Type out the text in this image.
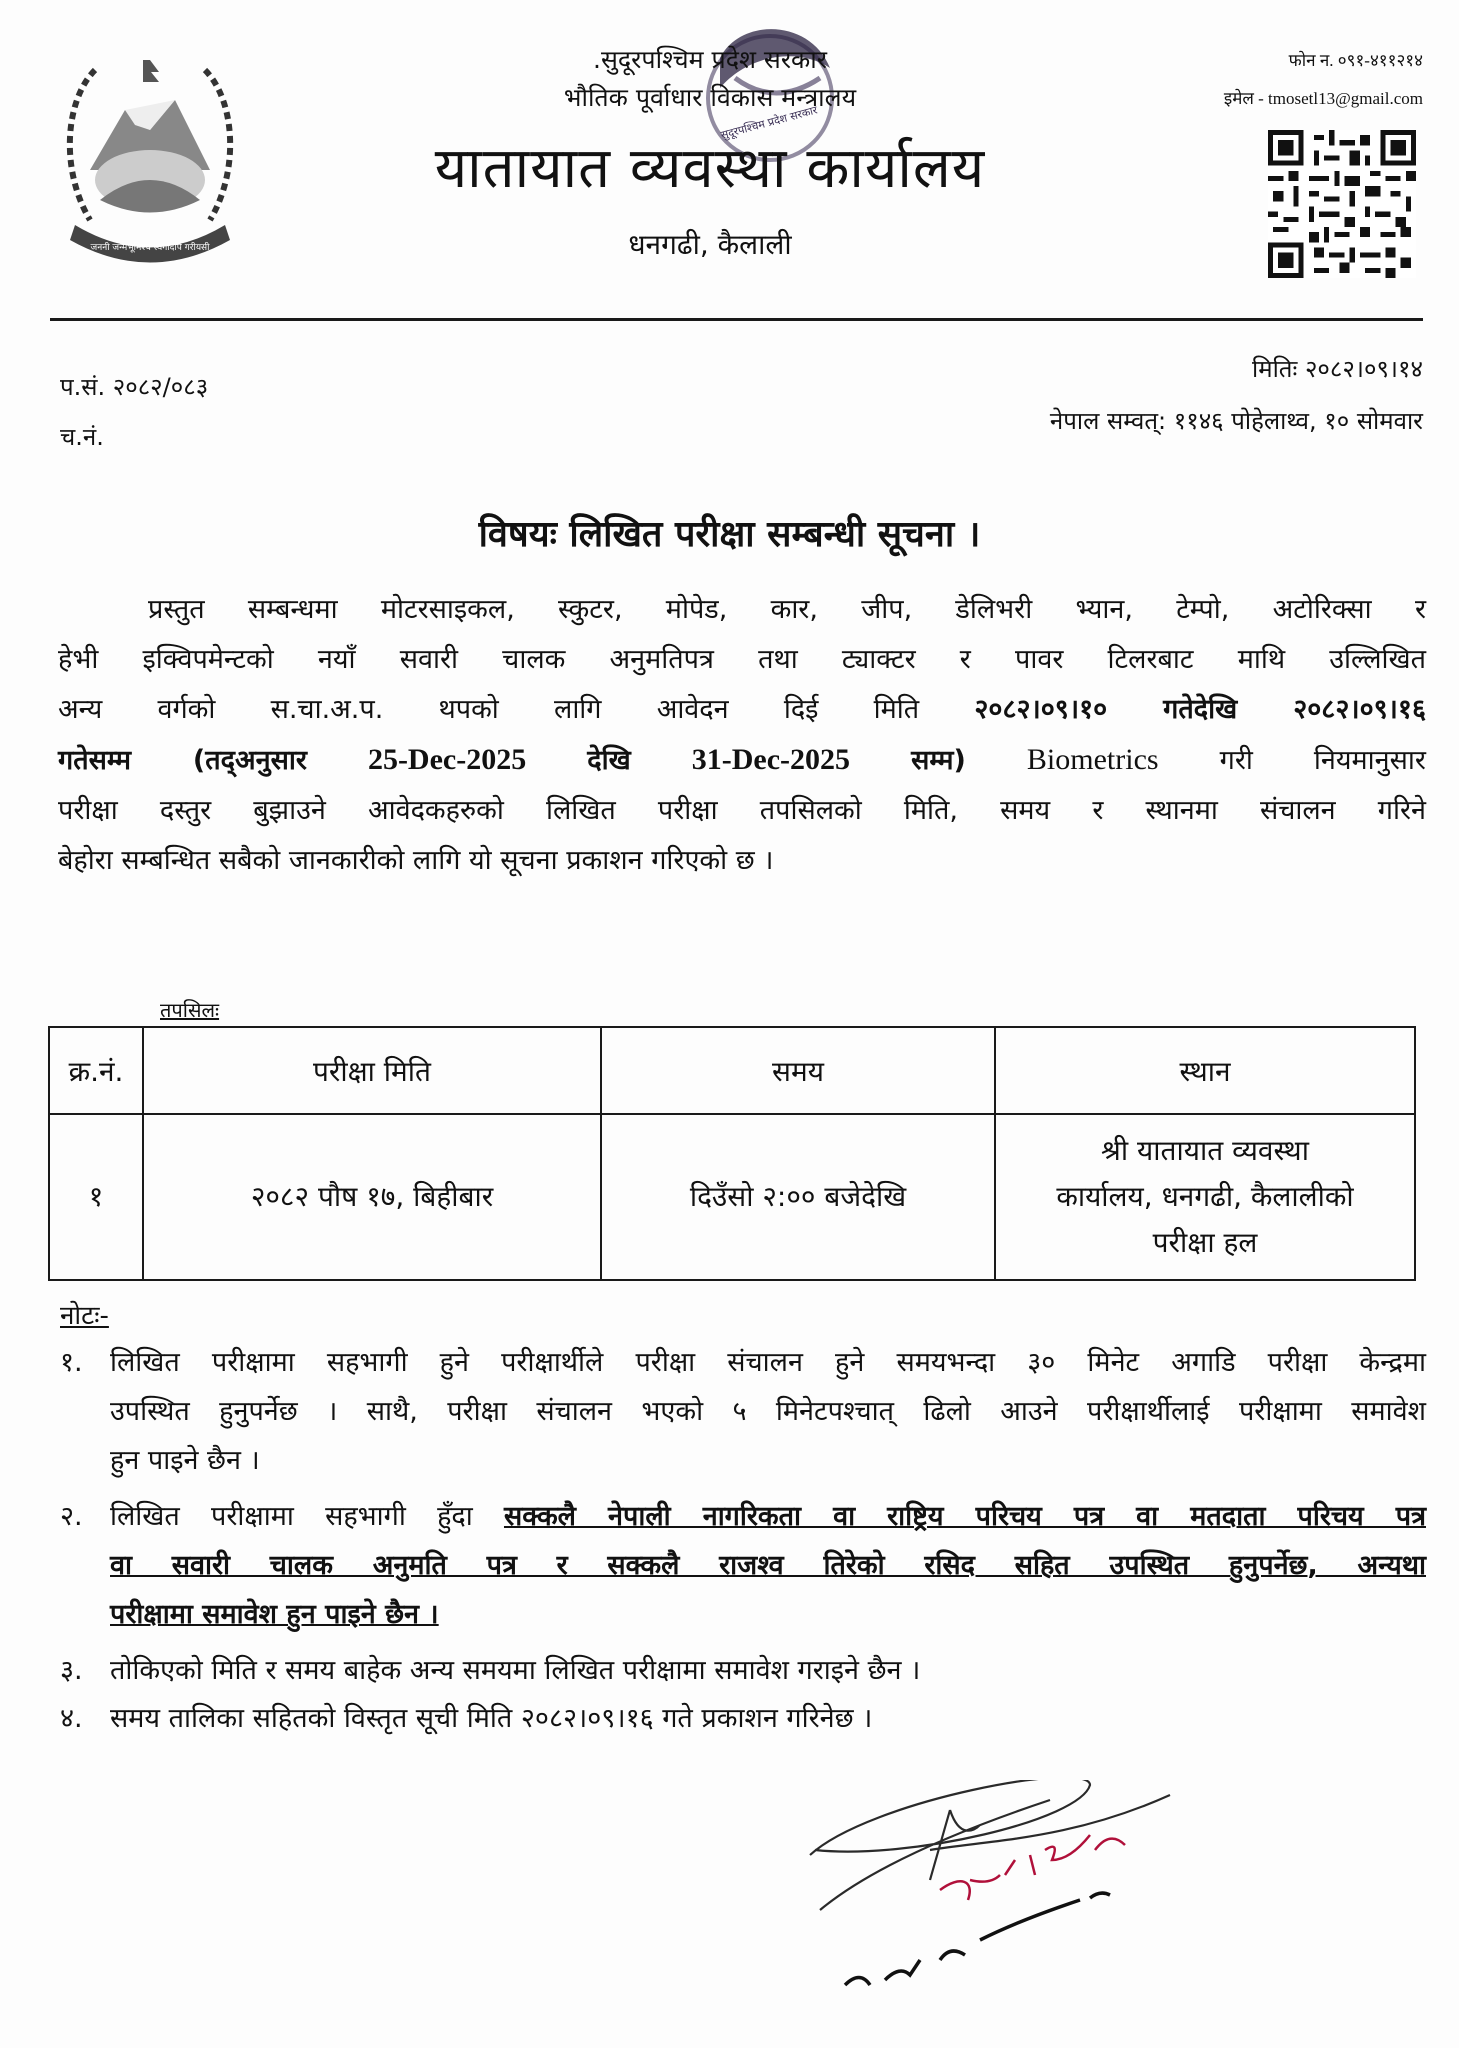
जननी जन्मभूमिश्च स्वर्गादपि गरीयसी
सुदूरपश्चिम प्रदेश सरकार
.सुदूरपश्चिम प्रदेश सरकार
भौतिक पूर्वाधार विकास मन्त्रालय
यातायात व्यवस्था कार्यालय
धनगढी, कैलाली
फोन न. ०९१-४११२१४
इमेल - tmosetl13@gmail.com
प.सं. २०८२/०८३
च.नं.
मितिः २०८२।०९।१४
नेपाल सम्वत्: ११४६ पोहेलाथ्व, १० सोमवार
विषयः लिखित परीक्षा सम्बन्धी सूचना ।
प्रस्तुत सम्बन्धमा मोटरसाइकल, स्कुटर, मोपेड, कार, जीप, डेलिभरी भ्यान, टेम्पो, अटोरिक्सा र
हेभी इक्विपमेन्टको नयाँ सवारी चालक अनुमतिपत्र तथा ट्याक्टर र पावर टिलरबाट माथि उल्लिखित
अन्य वर्गको स.चा.अ.प. थपको लागि आवेदन दिई मिति २०८२।०९।१० गतेदेखि २०८२।०९।१६
गतेसम्म (तद्अनुसार 25-Dec-2025 देखि 31-Dec-2025 सम्म) Biometrics गरी नियमानुसार
परीक्षा दस्तुर बुझाउने आवेदकहरुको लिखित परीक्षा तपसिलको मिति, समय र स्थानमा संचालन गरिने
बेहोरा सम्बन्धित सबैको जानकारीको लागि यो सूचना प्रकाशन गरिएको छ ।
तपसिलः
क्र.नं.	परीक्षा मिति	समय	स्थान
१	२०८२ पौष १७, बिहीबार	दिउँसो २:०० बजेदेखि	श्री यातायात व्यवस्था
कार्यालय, धनगढी, कैलालीको
परीक्षा हल
नोटः-
१. लिखित परीक्षामा सहभागी हुने परीक्षार्थीले परीक्षा संचालन हुने समयभन्दा ३० मिनेट अगाडि परीक्षा केन्द्रमा
उपस्थित हुनुपर्नेछ । साथै, परीक्षा संचालन भएको ५ मिनेटपश्चात् ढिलो आउने परीक्षार्थीलाई परीक्षामा समावेश
हुन पाइने छैन ।
२. लिखित परीक्षामा सहभागी हुँदा सक्कलै नेपाली नागरिकता वा राष्ट्रिय परिचय पत्र वा मतदाता परिचय पत्र
वा सवारी चालक अनुमति पत्र र सक्कलै राजश्व तिरेको रसिद सहित उपस्थित हुनुपर्नेछ, अन्यथा
परीक्षामा समावेश हुन पाइने छैन ।
३. तोकिएको मिति र समय बाहेक अन्य समयमा लिखित परीक्षामा समावेश गराइने छैन ।
४. समय तालिका सहितको विस्तृत सूची मिति २०८२।०९।१६ गते प्रकाशन गरिनेछ ।
